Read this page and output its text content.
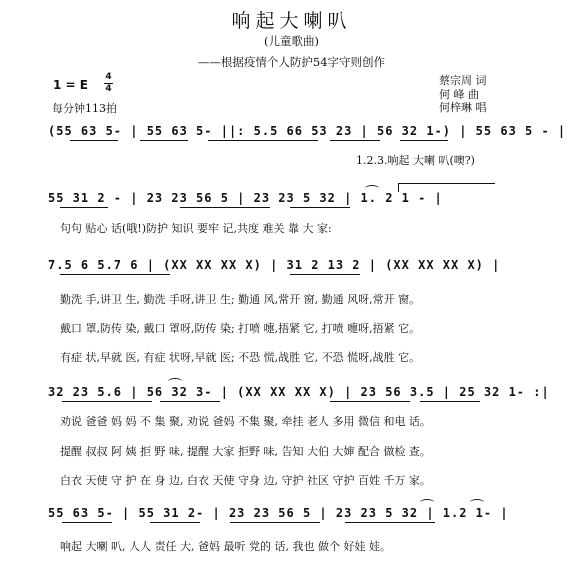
响起大喇叭
(儿童歌曲)
——根据疫情个人防护54字守则创作
1 = E
4
4
每分钟113拍
蔡宗周 词
何 峰 曲
何梓琳 唱
(55 63 5- | 55 63 5- ||: 5.5 66 53 23 | 56 32 1-) | 55 63 5 - |
1.2.3.响起 大喇 叭(噢?)
55 31 2 - | 23 23 56 5 | 23 23 5 32 | 1. 2 1 - |
句句 贴心 话(哦!)防护 知识 要牢 记,共度 难关 靠 大 家:
7.5 6 5.7 6 | (XX XX XX X) | 31 2 13 2 | (XX XX XX X) |
勤洗 手,讲卫 生, 勤洗 手呀,讲卫 生; 勤通 风,常开 窗, 勤通 风呀,常开 窗。
戴口 罩,防传 染, 戴口 罩呀,防传 染; 打喷 嚏,捂紧 它, 打喷 嚏呀,捂紧 它。
有症 状,早就 医, 有症 状呀,早就 医; 不恐 慌,战胜 它, 不恐 慌呀,战胜 它。
32 23 5.6 | 56 32 3- | (XX XX XX X) | 23 56 3.5 | 25 32 1- :|
劝说 爸爸 妈 妈 不 集 聚, 劝说 爸妈 不集 聚, 牵挂 老人 多用 微信 和电 话。
提醒 叔叔 阿 姨 拒 野 味, 提醒 大家 拒野 味, 告知 大伯 大婶 配合 做检 查。
白衣 天使 守 护 在 身 边, 白衣 天使 守身 边, 守护 社区 守护 百姓 千万 家。
55 63 5- | 55 31 2- | 23 23 56 5 | 23 23 5 32 | 1.2 1- |
响起 大喇 叭, 人人 责任 大, 爸妈 最听 党的 话, 我也 做个 好娃 娃。
